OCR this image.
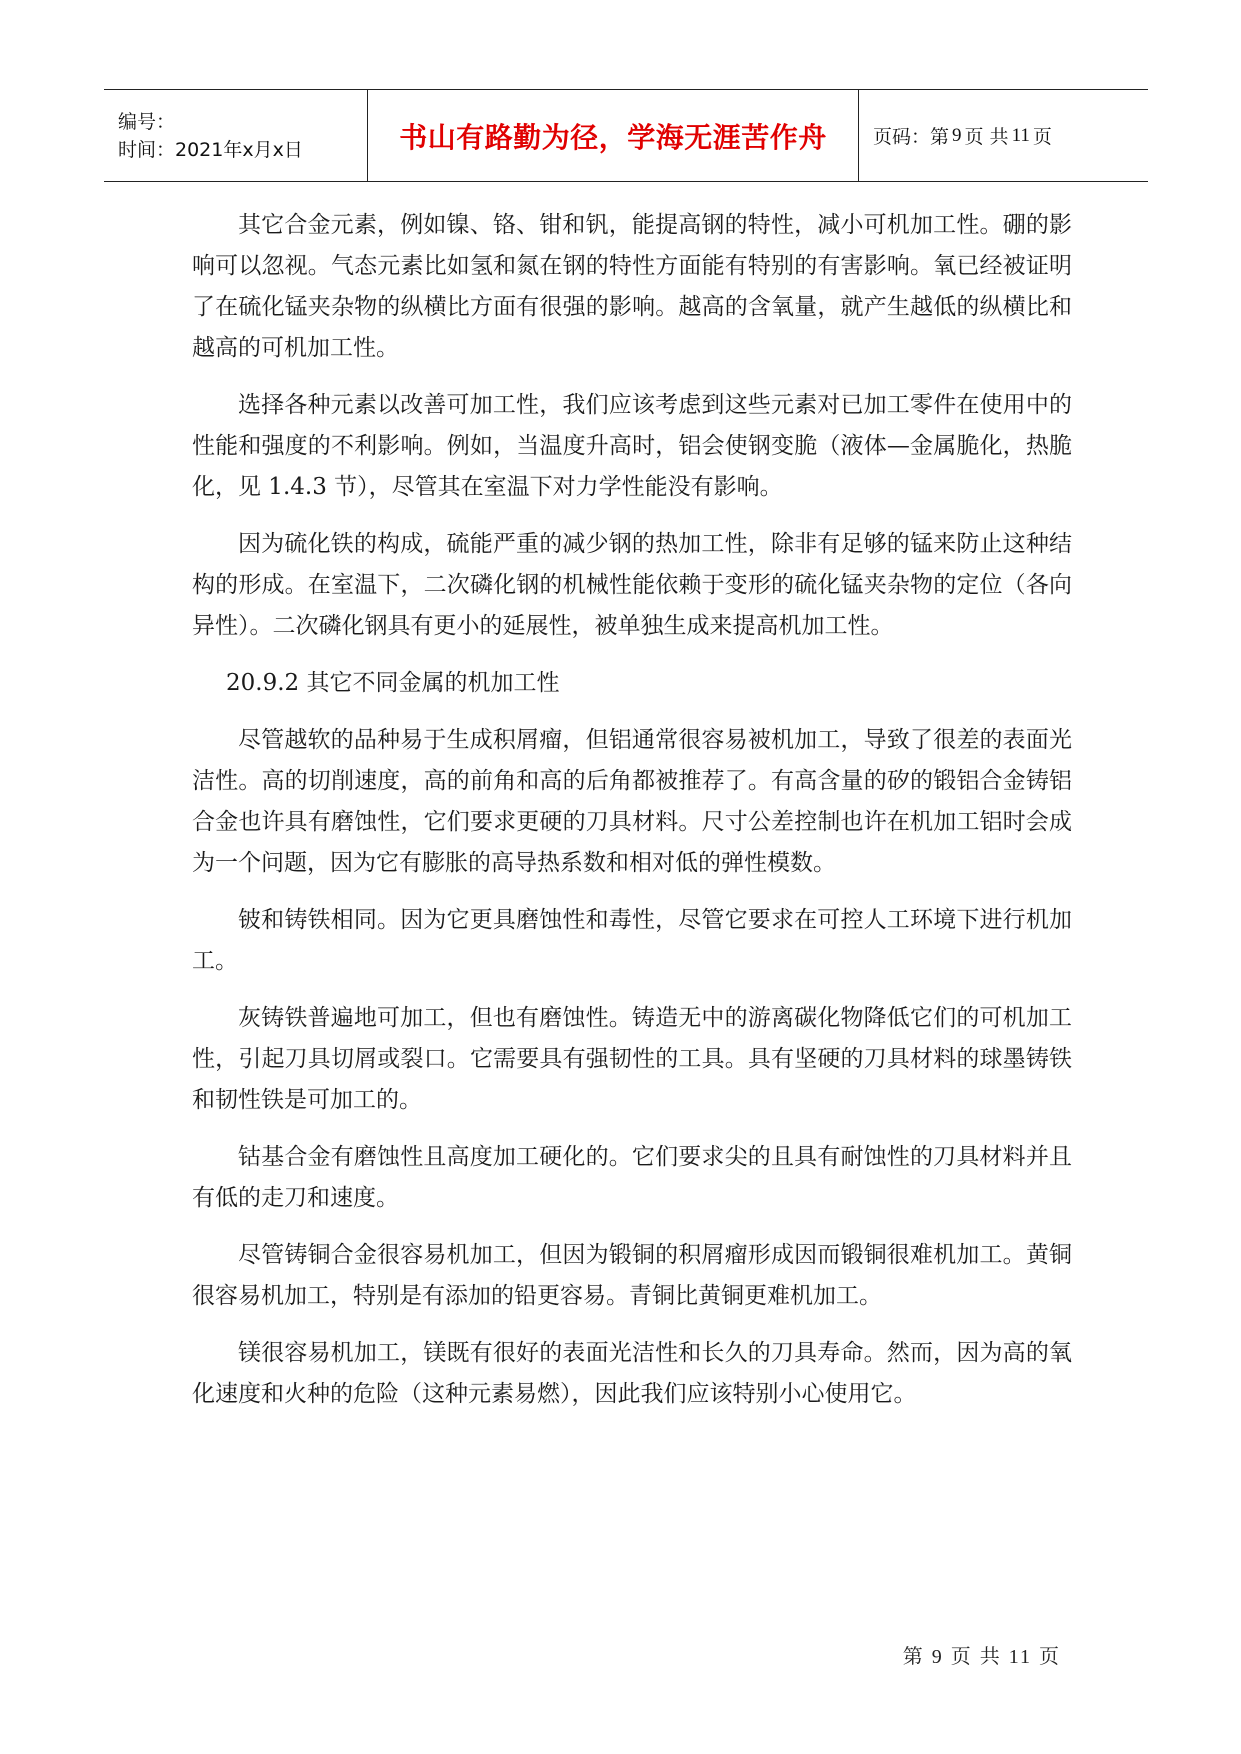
编号：
时间：2021年x月x日	书山有路勤为径，学海无涯苦作舟	页码：第 9 页 共 11 页

其它合金元素，例如镍、铬、钳和钒，能提高钢的特性，减小可机加工性。硼的影响可以忽视。气态元素比如氢和氮在钢的特性方面能有特别的有害影响。氧已经被证明了在硫化锰夹杂物的纵横比方面有很强的影响。越高的含氧量，就产生越低的纵横比和越高的可机加工性。

选择各种元素以改善可加工性，我们应该考虑到这些元素对已加工零件在使用中的性能和强度的不利影响。例如，当温度升高时，铝会使钢变脆（液体—金属脆化，热脆化，见 1.4.3 节），尽管其在室温下对力学性能没有影响。

因为硫化铁的构成，硫能严重的减少钢的热加工性，除非有足够的锰来防止这种结构的形成。在室温下，二次磷化钢的机械性能依赖于变形的硫化锰夹杂物的定位（各向异性）。二次磷化钢具有更小的延展性，被单独生成来提高机加工性。

20.9.2 其它不同金属的机加工性

尽管越软的品种易于生成积屑瘤，但铝通常很容易被机加工，导致了很差的表面光洁性。高的切削速度，高的前角和高的后角都被推荐了。有高含量的矽的锻铝合金铸铝合金也许具有磨蚀性，它们要求更硬的刀具材料。尺寸公差控制也许在机加工铝时会成为一个问题，因为它有膨胀的高导热系数和相对低的弹性模数。

铍和铸铁相同。因为它更具磨蚀性和毒性，尽管它要求在可控人工环境下进行机加工。

灰铸铁普遍地可加工，但也有磨蚀性。铸造无中的游离碳化物降低它们的可机加工性，引起刀具切屑或裂口。它需要具有强韧性的工具。具有坚硬的刀具材料的球墨铸铁和韧性铁是可加工的。

钴基合金有磨蚀性且高度加工硬化的。它们要求尖的且具有耐蚀性的刀具材料并且有低的走刀和速度。

尽管铸铜合金很容易机加工，但因为锻铜的积屑瘤形成因而锻铜很难机加工。黄铜很容易机加工，特别是有添加的铅更容易。青铜比黄铜更难机加工。

镁很容易机加工，镁既有很好的表面光洁性和长久的刀具寿命。然而，因为高的氧化速度和火种的危险（这种元素易燃），因此我们应该特别小心使用它。

第 9 页 共 11 页
